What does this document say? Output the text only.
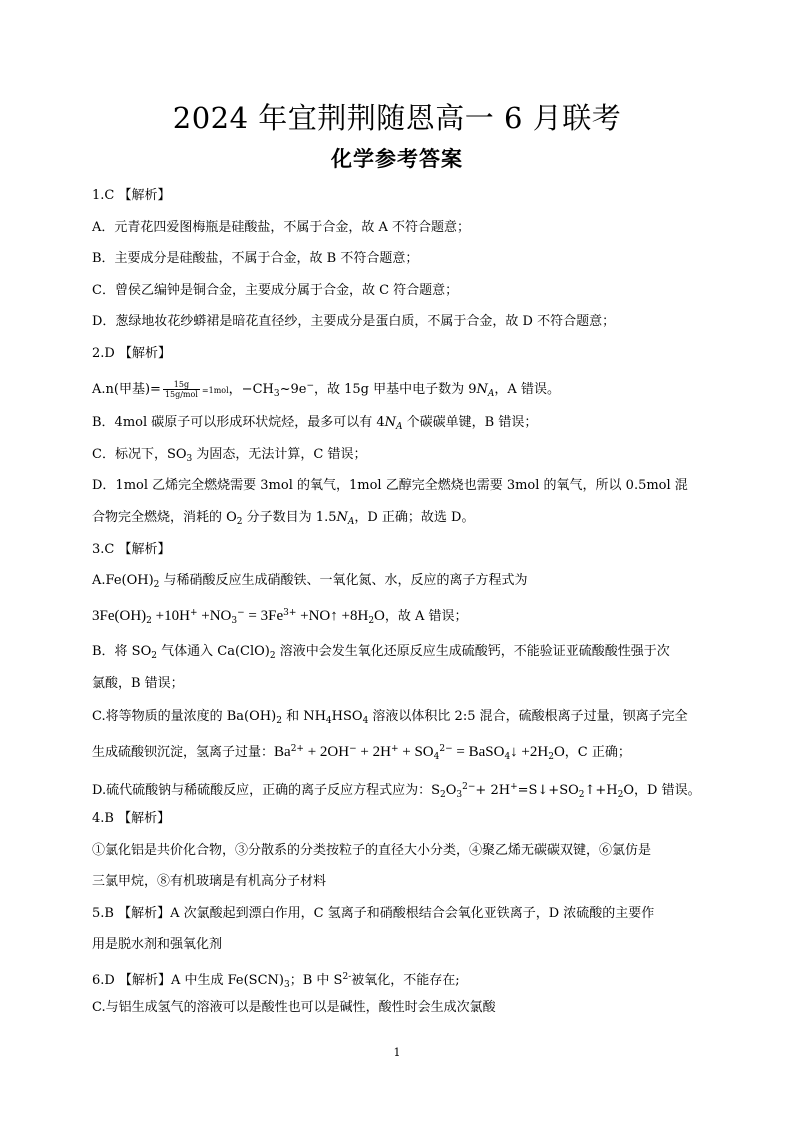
2024 年宜荆荆随恩高一 6 月联考
化学参考答案
1.C 【解析】
A．元青花四爱图梅瓶是硅酸盐，不属于合金，故 A 不符合题意；
B．主要成分是硅酸盐，不属于合金，故 B 不符合题意；
C．曾侯乙编钟是铜合金，主要成分属于合金，故 C 符合题意；
D．葱绿地妆花纱蟒裙是暗花直径纱，主要成分是蛋白质，不属于合金，故 D 不符合题意；
2.D 【解析】
A.n(甲基)= $\frac{15g}{\text{15g/mol}} =1mol$，$-CH_3\sim 9e^-$，故 15g 甲基中电子数为 $9N_A$，A 错误。
B．4mol 碳原子可以形成环状烷烃，最多可以有 $4N_A$ 个碳碳单键，B 错误；
C．标况下，$SO_3$ 为固态，无法计算，C 错误；
D．1mol 乙烯完全燃烧需要 3mol 的氧气，1mol 乙醇完全燃烧也需要 3mol 的氧气，所以 0.5mol 混
合物完全燃烧，消耗的 $O_2$ 分子数目为 $1.5N_A$，D 正确；故选 D。
3.C 【解析】
$A.Fe(OH)_2$ 与稀硝酸反应生成硝酸铁、一氧化氮、水，反应的离子方程式为
$3Fe(OH)_2 +10H^+ +NO_3^- = 3Fe^{3+}$ +NO↑ $+8H_2O$，故 A 错误；
B．将 $SO_2$ 气体通入 $Ca(ClO)_2$ 溶液中会发生氧化还原反应生成硫酸钙，不能验证亚硫酸酸性强于次
氯酸，B 错误；
C.将等物质的量浓度的 $Ba(OH)_2$ 和 $NH_4HSO_4$ 溶液以体积比 2:5 混合，硫酸根离子过量，钡离子完全
生成硫酸钡沉淀，氢离子过量：$Ba^{2+} + 2OH^- + 2H^+ + SO_4^{2-}$ = BaSO$_4$↓ $+2H_2O$，C 正确；
D.硫代硫酸钠与稀硫酸反应，正确的离子反应方程式应为：$S_2O_3^{2-}+$ $2H^+=S↓+SO_2↑+H_2O$，D 错误。
4.B 【解析】
①氯化铝是共价化合物，③分散系的分类按粒子的直径大小分类，④聚乙烯无碳碳双键，⑥氯仿是
三氯甲烷，⑧有机玻璃是有机高分子材料
5.B 【解析】A 次氯酸起到漂白作用，C 氢离子和硝酸根结合会氧化亚铁离子，D 浓硫酸的主要作
用是脱水剂和强氧化剂
6.D 【解析】A 中生成 $Fe(SCN)_3$；B 中 $S^{2-}$被氧化，不能存在;
C.与铝生成氢气的溶液可以是酸性也可以是碱性，酸性时会生成次氯酸
1
